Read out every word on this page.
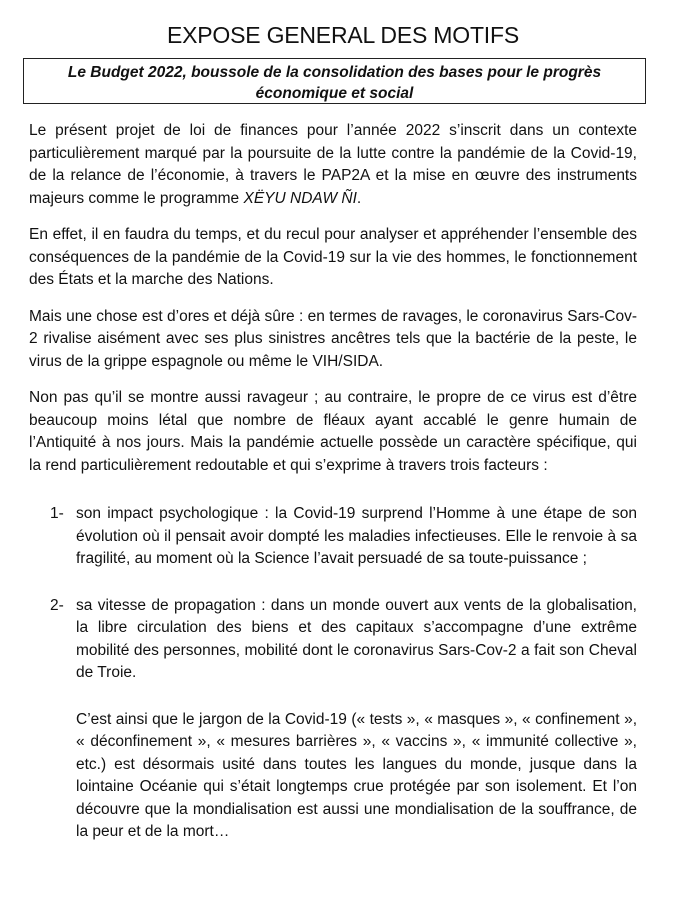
EXPOSE GENERAL DES MOTIFS
Le Budget 2022, boussole de la consolidation des bases pour le progrès économique et social

Le présent projet de loi de finances pour l’année 2022 s’inscrit dans un contexte particulièrement marqué par la poursuite de la lutte contre la pandémie de la Covid-19, de la relance de l’économie, à travers le PAP2A et la mise en œuvre des instruments majeurs comme le programme XËYU NDAW ÑI.

En effet, il en faudra du temps, et du recul pour analyser et appréhender l’ensemble des conséquences de la pandémie de la Covid-19 sur la vie des hommes, le fonctionnement des États et la marche des Nations.

Mais une chose est d’ores et déjà sûre : en termes de ravages, le coronavirus Sars-Cov-2 rivalise aisément avec ses plus sinistres ancêtres tels que la bactérie de la peste, le virus de la grippe espagnole ou même le VIH/SIDA.

Non pas qu’il se montre aussi ravageur ; au contraire, le propre de ce virus est d’être beaucoup moins létal que nombre de fléaux ayant accablé le genre humain de l’Antiquité à nos jours. Mais la pandémie actuelle possède un caractère spécifique, qui la rend particulièrement redoutable et qui s’exprime à travers trois facteurs :

1- son impact psychologique : la Covid-19 surprend l’Homme à une étape de son évolution où il pensait avoir dompté les maladies infectieuses. Elle le renvoie à sa fragilité, au moment où la Science l’avait persuadé de sa toute-puissance ;
2- sa vitesse de propagation : dans un monde ouvert aux vents de la globalisation, la libre circulation des biens et des capitaux s’accompagne d’une extrême mobilité des personnes, mobilité dont le coronavirus Sars-Cov-2 a fait son Cheval de Troie.

C’est ainsi que le jargon de la Covid-19 (« tests », « masques », « confinement », « déconfinement », « mesures barrières », « vaccins », « immunité collective », etc.) est désormais usité dans toutes les langues du monde, jusque dans la lointaine Océanie qui s’était longtemps crue protégée par son isolement. Et l’on découvre que la mondialisation est aussi une mondialisation de la souffrance, de la peur et de la mort…
